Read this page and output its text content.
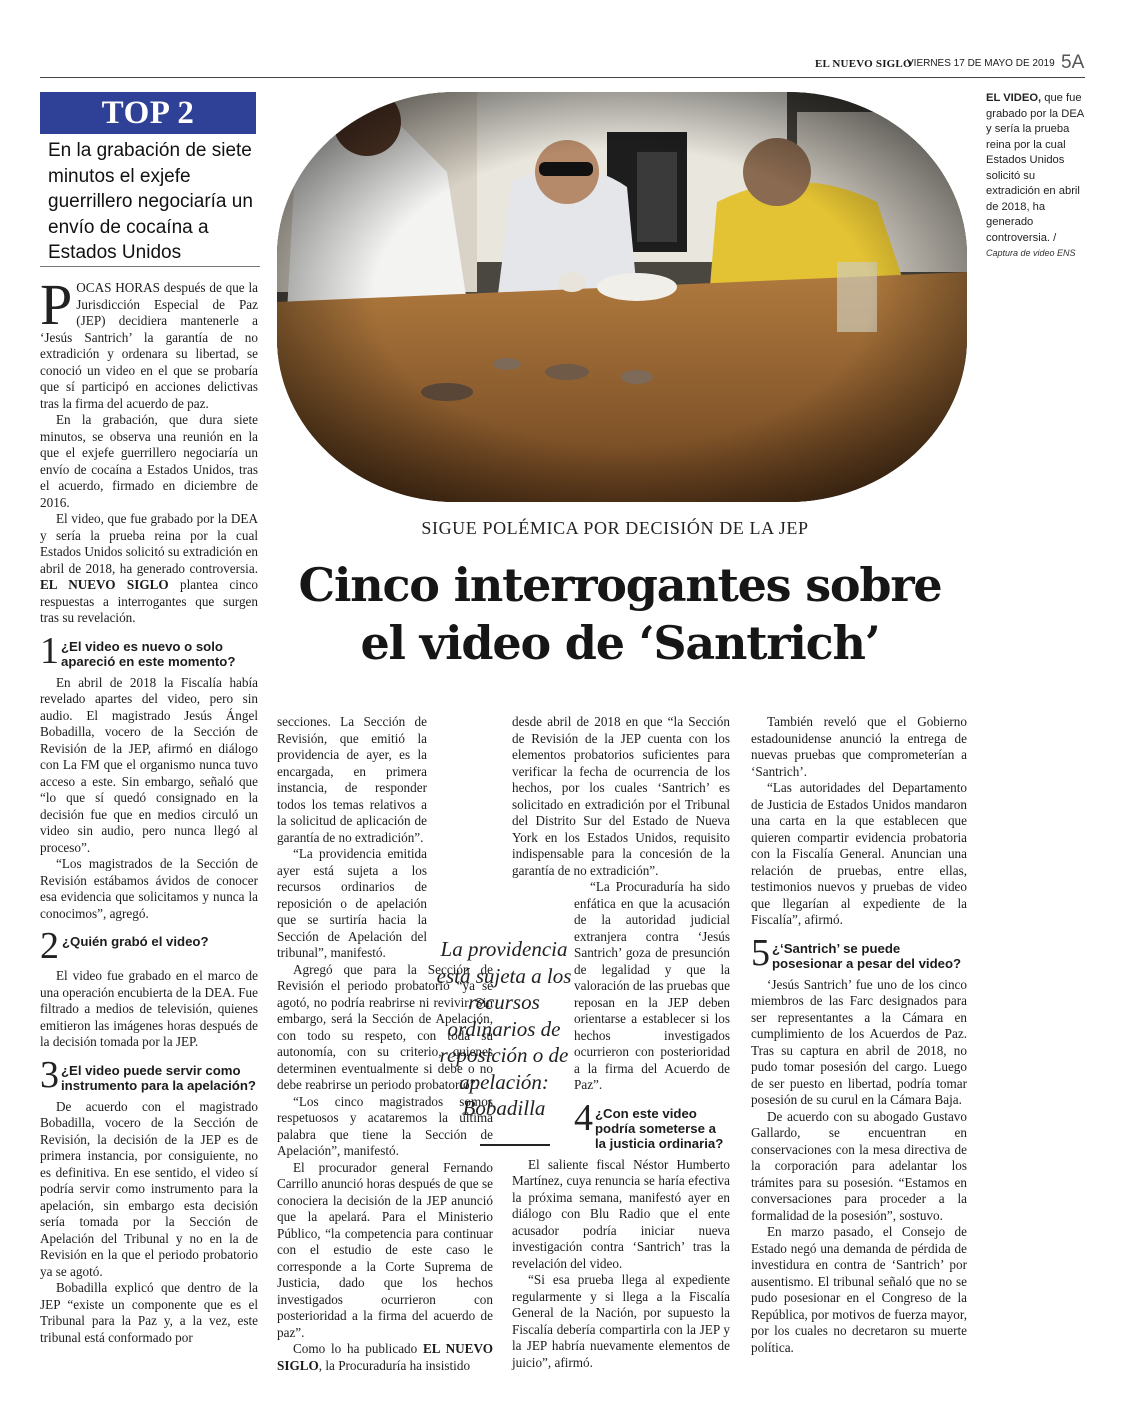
EL NUEVO SIGLO
VIERNES 17 DE MAYO DE 2019 5A
TOP 2
En la grabación de siete minutos el exjefe guerrillero negociaría un envío de cocaína a Estados Unidos
EL VIDEO, que fue grabado por la DEA y sería la prueba reina por la cual Estados Unidos solicitó su extradición en abril de 2018, ha generado controversia. /
Captura de video ENS
SIGUE POLÉMICA POR DECISIÓN DE LA JEP
Cinco interrogantes sobre
el video de ‘Santrich’

POCAS HORAS después de que la Jurisdicción Especial de Paz (JEP) decidiera mantenerle a ‘Jesús Santrich’ la garantía de no extradición y ordenara su libertad, se conoció un video en el que se probaría que sí participó en acciones delictivas tras la firma del acuerdo de paz.

En la grabación, que dura siete minutos, se observa una reunión en la que el exjefe guerrillero negociaría un envío de cocaína a Estados Unidos, tras el acuerdo, firmado en diciembre de 2016.

El video, que fue grabado por la DEA y sería la prueba reina por la cual Estados Unidos solicitó su extradición en abril de 2018, ha generado controversia. EL NUEVO SIGLO plantea cinco respuestas a interrogantes que surgen tras su revelación.

1 ¿El video es nuevo o solo apareció en este momento?

En abril de 2018 la Fiscalía había revelado apartes del video, pero sin audio. El magistrado Jesús Ángel Bobadilla, vocero de la Sección de Revisión de la JEP, afirmó en diálogo con La FM que el organismo nunca tuvo acceso a este. Sin embargo, señaló que “lo que sí quedó consignado en la decisión fue que en medios circuló un video sin audio, pero nunca llegó al proceso”.

“Los magistrados de la Sección de Revisión estábamos ávidos de conocer esa evidencia que solicitamos y nunca la conocimos”, agregó.

2 ¿Quién grabó el video?

El video fue grabado en el marco de una operación encubierta de la DEA. Fue filtrado a medios de televisión, quienes emitieron las imágenes horas después de la decisión tomada por la JEP.

3 ¿El video puede servir como instrumento para la apelación?

De acuerdo con el magistrado Bobadilla, vocero de la Sección de Revisión, la decisión de la JEP es de primera instancia, por consiguiente, no es definitiva. En ese sentido, el video sí podría servir como instrumento para la apelación, sin embargo esta decisión sería tomada por la Sección de Apelación del Tribunal y no en la de Revisión en la que el periodo probatorio ya se agotó.

Bobadilla explicó que dentro de la JEP “existe un componente que es el Tribunal para la Paz y, a la vez, este tribunal está conformado por

secciones. La Sección de Revisión, que emitió la providencia de ayer, es la encargada, en primera instancia, de responder todos los temas relativos a la solicitud de aplicación de garantía de no extradición”.

“La providencia emitida ayer está sujeta a los recursos ordinarios de reposición o de apelación que se surtiría hacia la Sección de Apelación del tribunal”, manifestó.

Agregó que para la Sección de Revisión el periodo probatorio “ya se agotó, no podría reabrirse ni revivir. Sin embargo, será la Sección de Apelación, con todo su respeto, con toda su autonomía, con su criterio, quienes determinen eventualmente si debe o no debe reabrirse un periodo probatorio”.

“Los cinco magistrados somos respetuosos y acataremos la última palabra que tiene la Sección de Apelación”, manifestó.

El procurador general Fernando Carrillo anunció horas después de que se conociera la decisión de la JEP anunció que la apelará. Para el Ministerio Público, “la competencia para continuar con el estudio de este caso le corresponde a la Corte Suprema de Justicia, dado que los hechos investigados ocurrieron con posterioridad a la firma del acuerdo de paz”.

Como lo ha publicado EL NUEVO SIGLO, la Procuraduría ha insistido

La providencia está sujeta a los recursos ordinarios de reposición o de apelación: Bobadilla

desde abril de 2018 en que “la Sección de Revisión de la JEP cuenta con los elementos probatorios suficientes para verificar la fecha de ocurrencia de los hechos, por los cuales ‘Santrich’ es solicitado en extradición por el Tribunal del Distrito Sur del Estado de Nueva York en los Estados Unidos, requisito indispensable para la concesión de la garantía de no extradición”.

“La Procuraduría ha sido enfática en que la acusación de la autoridad judicial extranjera contra ‘Jesús Santrich’ goza de presunción de legalidad y que la valoración de las pruebas que reposan en la JEP deben orientarse a establecer si los hechos investigados ocurrieron con posterioridad a la firma del Acuerdo de Paz”.

4 ¿Con este video podría someterse a la justicia ordinaria?

El saliente fiscal Néstor Humberto Martínez, cuya renuncia se haría efectiva la próxima semana, manifestó ayer en diálogo con Blu Radio que el ente acusador podría iniciar nueva investigación contra ‘Santrich’ tras la revelación del video.

“Si esa prueba llega al expediente regularmente y si llega a la Fiscalía General de la Nación, por supuesto la Fiscalía debería compartirla con la JEP y la JEP habría nuevamente elementos de juicio”, afirmó.

También reveló que el Gobierno estadounidense anunció la entrega de nuevas pruebas que comprometerían a ‘Santrich’.

“Las autoridades del Departamento de Justicia de Estados Unidos mandaron una carta en la que establecen que quieren compartir evidencia probatoria con la Fiscalía General. Anuncian una relación de pruebas, entre ellas, testimonios nuevos y pruebas de video que llegarían al expediente de la Fiscalía”, afirmó.

5 ¿‘Santrich’ se puede posesionar a pesar del video?

‘Jesús Santrich’ fue uno de los cinco miembros de las Farc designados para ser representantes a la Cámara en cumplimiento de los Acuerdos de Paz. Tras su captura en abril de 2018, no pudo tomar posesión del cargo. Luego de ser puesto en libertad, podría tomar posesión de su curul en la Cámara Baja.

De acuerdo con su abogado Gustavo Gallardo, se encuentran en conservaciones con la mesa directiva de la corporación para adelantar los trámites para su posesión. “Estamos en conversaciones para proceder a la formalidad de la posesión”, sostuvo.

En marzo pasado, el Consejo de Estado negó una demanda de pérdida de investidura en contra de ‘Santrich’ por ausentismo. El tribunal señaló que no se pudo posesionar en el Congreso de la República, por motivos de fuerza mayor, por los cuales no decretaron su muerte política.
